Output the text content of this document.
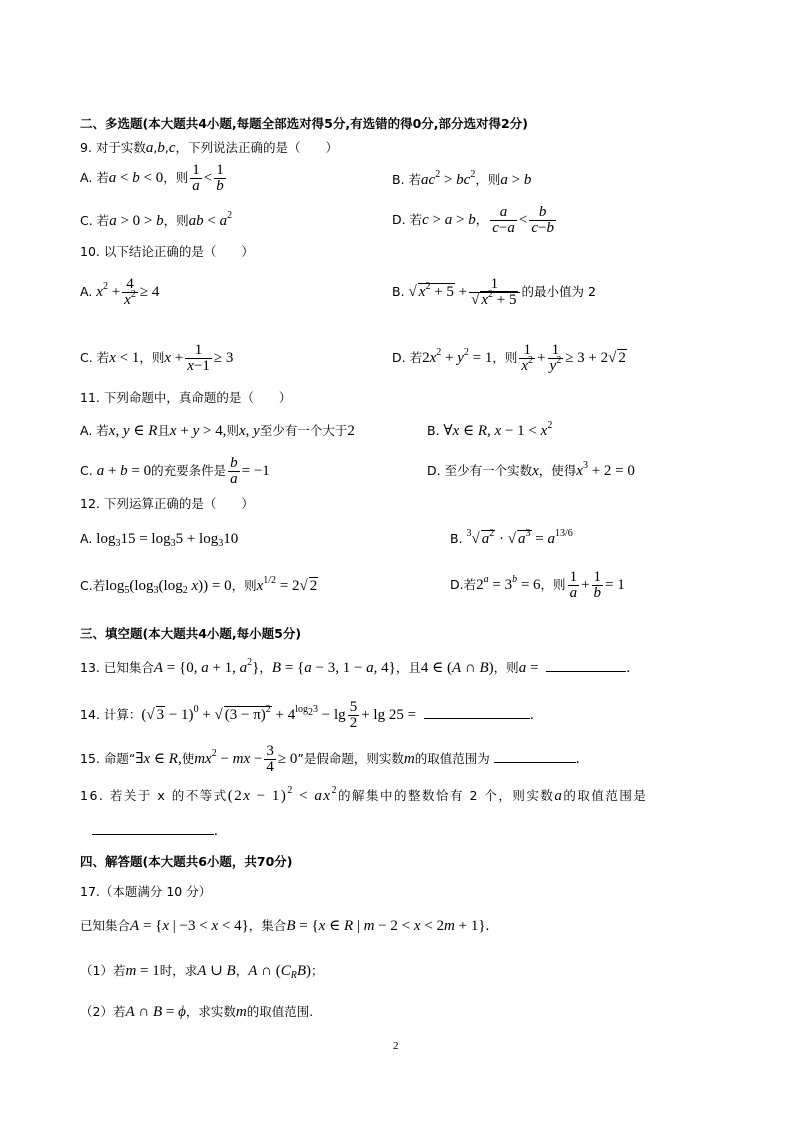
二、多选题(本大题共4小题,每题全部选对得5分,有选错的得0分,部分选对得2分)
9. 对于实数a,b,c，下列说法正确的是（　　）
A. 若a < b < 0，则 $\frac{1}{a} < \frac{1}{b}$	B. 若$ac^2 > bc^2$，则a > b
C. 若a > 0 > b，则ab < $a^2$	D. 若c > a > b， $\frac{a}{c-a} < \frac{b}{c-b}$
10. 以下结论正确的是（　　）
A. $x^2 + \frac{4}{x^2} \ge 4$	B. √ $x^2 + 5 + \frac{1}{√ x^2 + 5}$ 的最小值为 2
C. 若x < 1，则$x + \frac{1}{x-1} \ge 3$	D. 若$2x^2 + y^2 = 1$，则 $\frac{1}{x^2} + \frac{1}{y^2} \ge 3 + 2√$ 2
11. 下列命题中，真命题的是（　　）
A. 若x, y ∈ R且x + y > 4,则x, y至少有一个大于2	B. ∀x ∈ R, $x - 1 < x^2$
C. a + b = 0的充要条件是 $\frac{b}{a} = -1$	D. 至少有一个实数x，使得$x^3 + 2 = 0$
12. 下列运算正确的是（　　）
A. $\log_315 = \log_35 + \log_310$	B. $^3$√ $a^2$ · √ $a^3 = a^{13/6}$
C.若$\log_5(\log_3(\log_2$ x)) = 0，则$x^{1/2} = 2√$ 2	D.若$2^a = 3^b = 6$，则 $\frac{1}{a} + \frac{1}{b} = 1$
三、填空题(本大题共4小题,每小题5分)
13. 已知集合A = {0, a + 1, $a^2$}，B = {a − 3, 1 − a, 4}，且4 ∈ (A ∩ B)，则a =	.
14. 计算：(√ 3 − 1)$^0$ + √ $(3 - \pi)^2 + 4^{log_23} - \lg \frac{5}{2} + \lg 25$ =	.
15. 命题“∃x ∈ R,使$mx^2$ − mx − $\frac{3}{4} \ge 0$”是假命题，则实数m的取值范围为	.
16. 若关于 x 的不等式$(2x - 1)^2 < ax^2$的解集中的整数恰有 2 个，则实数a的取值范围是
.
四、解答题(本大题共6小题，共70分)
17.（本题满分 10 分）
已知集合A = {x | −3 < x < 4}，集合B = {x ∈ R | m − 2 < x < 2m + 1}.
（1）若m = 1时，求A ∪ B，A ∩ $(C_RB)$；
（2）若A ∩ B = ϕ，求实数m的取值范围.
2
